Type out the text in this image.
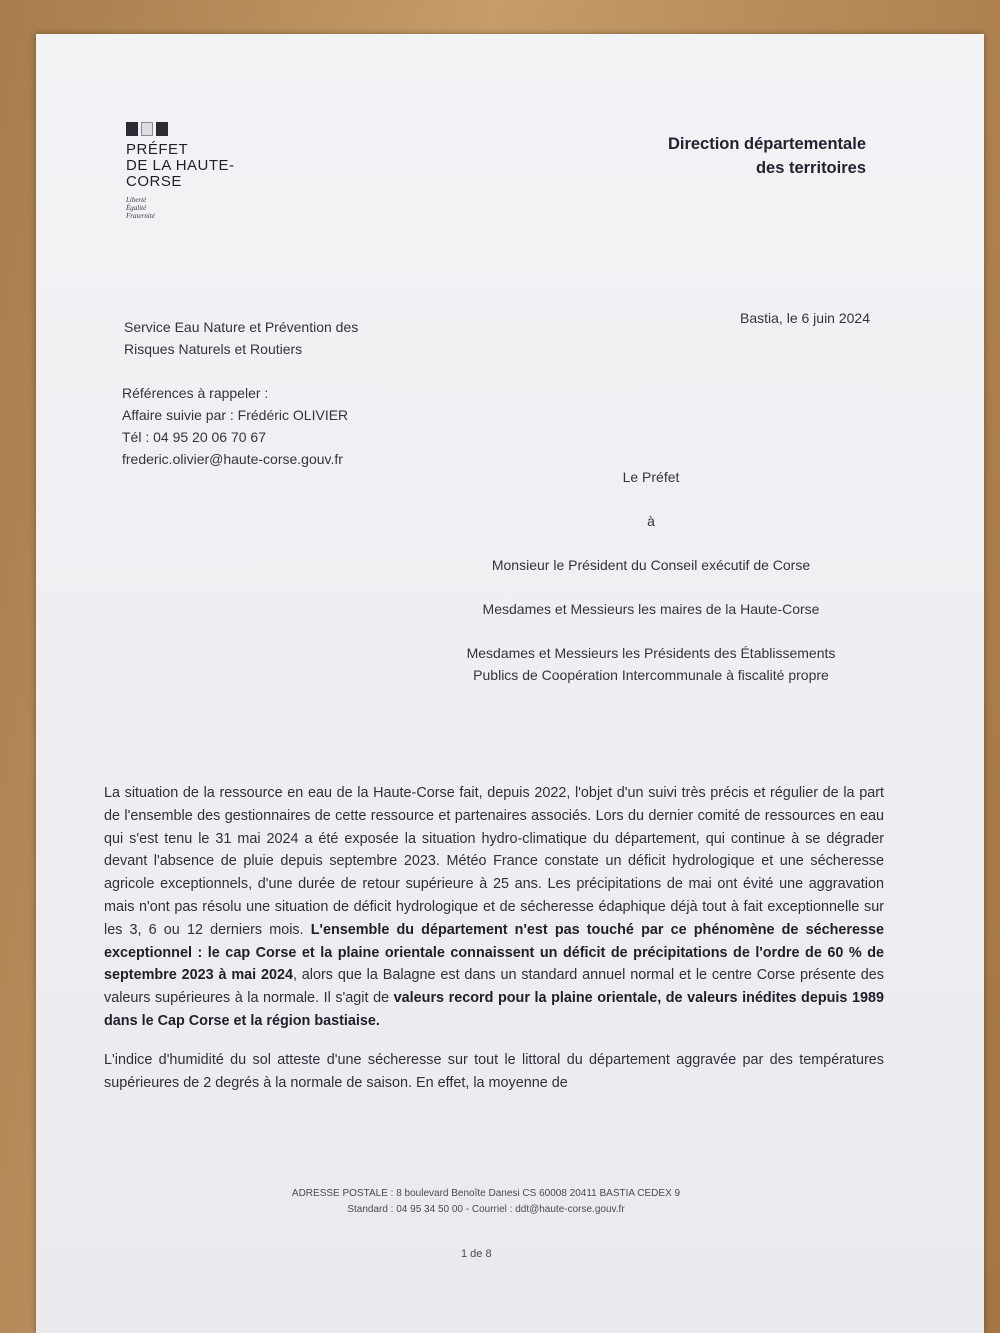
PRÉFET
DE LA HAUTE-
CORSE
Liberté
Égalité
Fraternité
Direction départementale
des territoires
Bastia, le 6 juin 2024
Service Eau Nature et Prévention des
Risques Naturels et Routiers
Références à rappeler :
Affaire suivie par : Frédéric OLIVIER
Tél : 04 95 20 06 70 67
frederic.olivier@haute-corse.gouv.fr

Le Préfet

à

Monsieur le Président du Conseil exécutif de Corse

Mesdames et Messieurs les maires de la Haute-Corse

Mesdames et Messieurs les Présidents des Établissements

Publics de Coopération Intercommunale à fiscalité propre

La situation de la ressource en eau de la Haute-Corse fait, depuis 2022, l'objet d'un suivi très précis et régulier de la part de l'ensemble des gestionnaires de cette ressource et partenaires associés. Lors du dernier comité de ressources en eau qui s'est tenu le 31 mai 2024 a été exposée la situation hydro-climatique du département, qui continue à se dégrader devant l'absence de pluie depuis septembre 2023. Météo France constate un déficit hydrologique et une sécheresse agricole exceptionnels, d'une durée de retour supérieure à 25 ans. Les précipitations de mai ont évité une aggravation mais n'ont pas résolu une situation de déficit hydrologique et de sécheresse édaphique déjà tout à fait exceptionnelle sur les 3, 6 ou 12 derniers mois. L'ensemble du département n'est pas touché par ce phénomène de sécheresse exceptionnel : le cap Corse et la plaine orientale connaissent un déficit de précipitations de l'ordre de 60 % de septembre 2023 à mai 2024, alors que la Balagne est dans un standard annuel normal et le centre Corse présente des valeurs supérieures à la normale. Il s'agit de valeurs record pour la plaine orientale, de valeurs inédites depuis 1989 dans le Cap Corse et la région bastiaise.

L'indice d'humidité du sol atteste d'une sécheresse sur tout le littoral du département aggravée par des températures supérieures de 2 degrés à la normale de saison. En effet, la moyenne de

ADRESSE POSTALE : 8 boulevard Benoîte Danesi CS 60008 20411 BASTIA CEDEX 9
Standard : 04 95 34 50 00 - Courriel : ddt@haute-corse.gouv.fr
1 de 8
